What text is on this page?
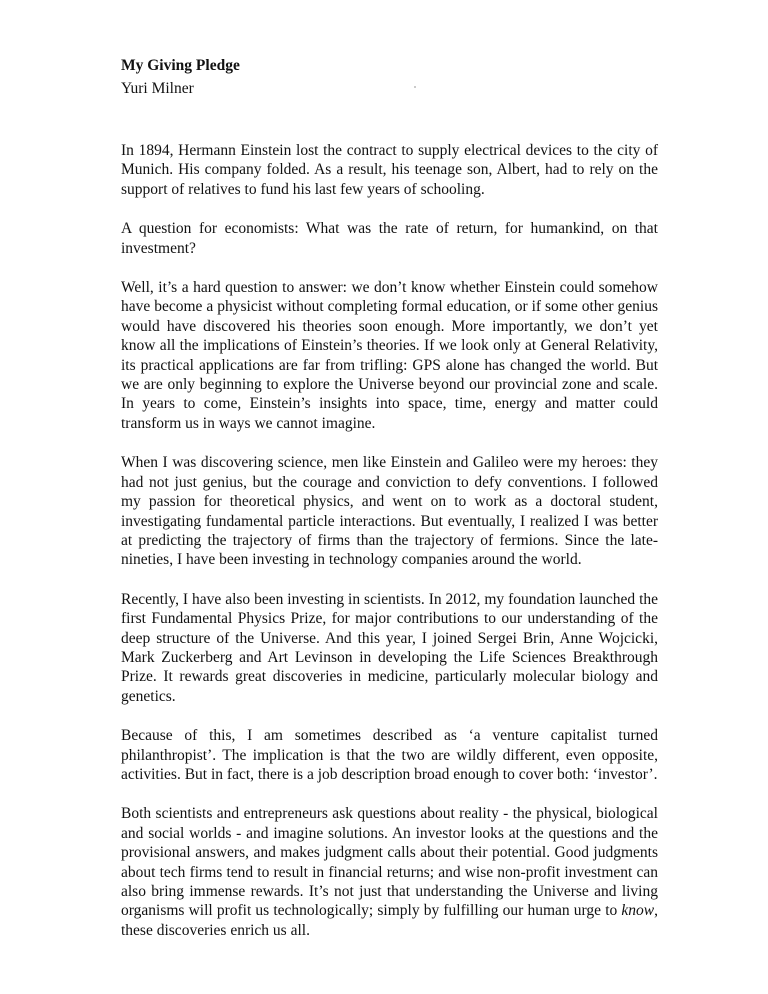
My Giving Pledge

Yuri Milner

In 1894, Hermann Einstein lost the contract to supply electrical devices to the city of Munich. His company folded. As a result, his teenage son, Albert, had to rely on the support of relatives to fund his last few years of schooling.

A question for economists: What was the rate of return, for humankind, on that investment?

Well, it’s a hard question to answer: we don’t know whether Einstein could somehow have become a physicist without completing formal education, or if some other genius would have discovered his theories soon enough. More importantly, we don’t yet know all the implications of Einstein’s theories. If we look only at General Relativity, its practical applications are far from trifling: GPS alone has changed the world. But we are only beginning to explore the Universe beyond our provincial zone and scale. In years to come, Einstein’s insights into space, time, energy and matter could transform us in ways we cannot imagine.

When I was discovering science, men like Einstein and Galileo were my heroes: they had not just genius, but the courage and conviction to defy conventions. I followed my passion for theoretical physics, and went on to work as a doctoral student, investigating fundamental particle interactions. But eventually, I realized I was better at predicting the trajectory of firms than the trajectory of fermions. Since the late-nineties, I have been investing in technology companies around the world.

Recently, I have also been investing in scientists. In 2012, my foundation launched the first Fundamental Physics Prize, for major contributions to our understanding of the deep structure of the Universe. And this year, I joined Sergei Brin, Anne Wojcicki, Mark Zuckerberg and Art Levinson in developing the Life Sciences Breakthrough Prize. It rewards great discoveries in medicine, particularly molecular biology and genetics.

Because of this, I am sometimes described as ‘a venture capitalist turned philanthropist’. The implication is that the two are wildly different, even opposite, activities. But in fact, there is a job description broad enough to cover both: ‘investor’.

Both scientists and entrepreneurs ask questions about reality - the physical, biological and social worlds - and imagine solutions. An investor looks at the questions and the provisional answers, and makes judgment calls about their potential. Good judgments about tech firms tend to result in financial returns; and wise non-profit investment can also bring immense rewards. It’s not just that understanding the Universe and living organisms will profit us technologically; simply by fulfilling our human urge to know, these discoveries enrich us all.
